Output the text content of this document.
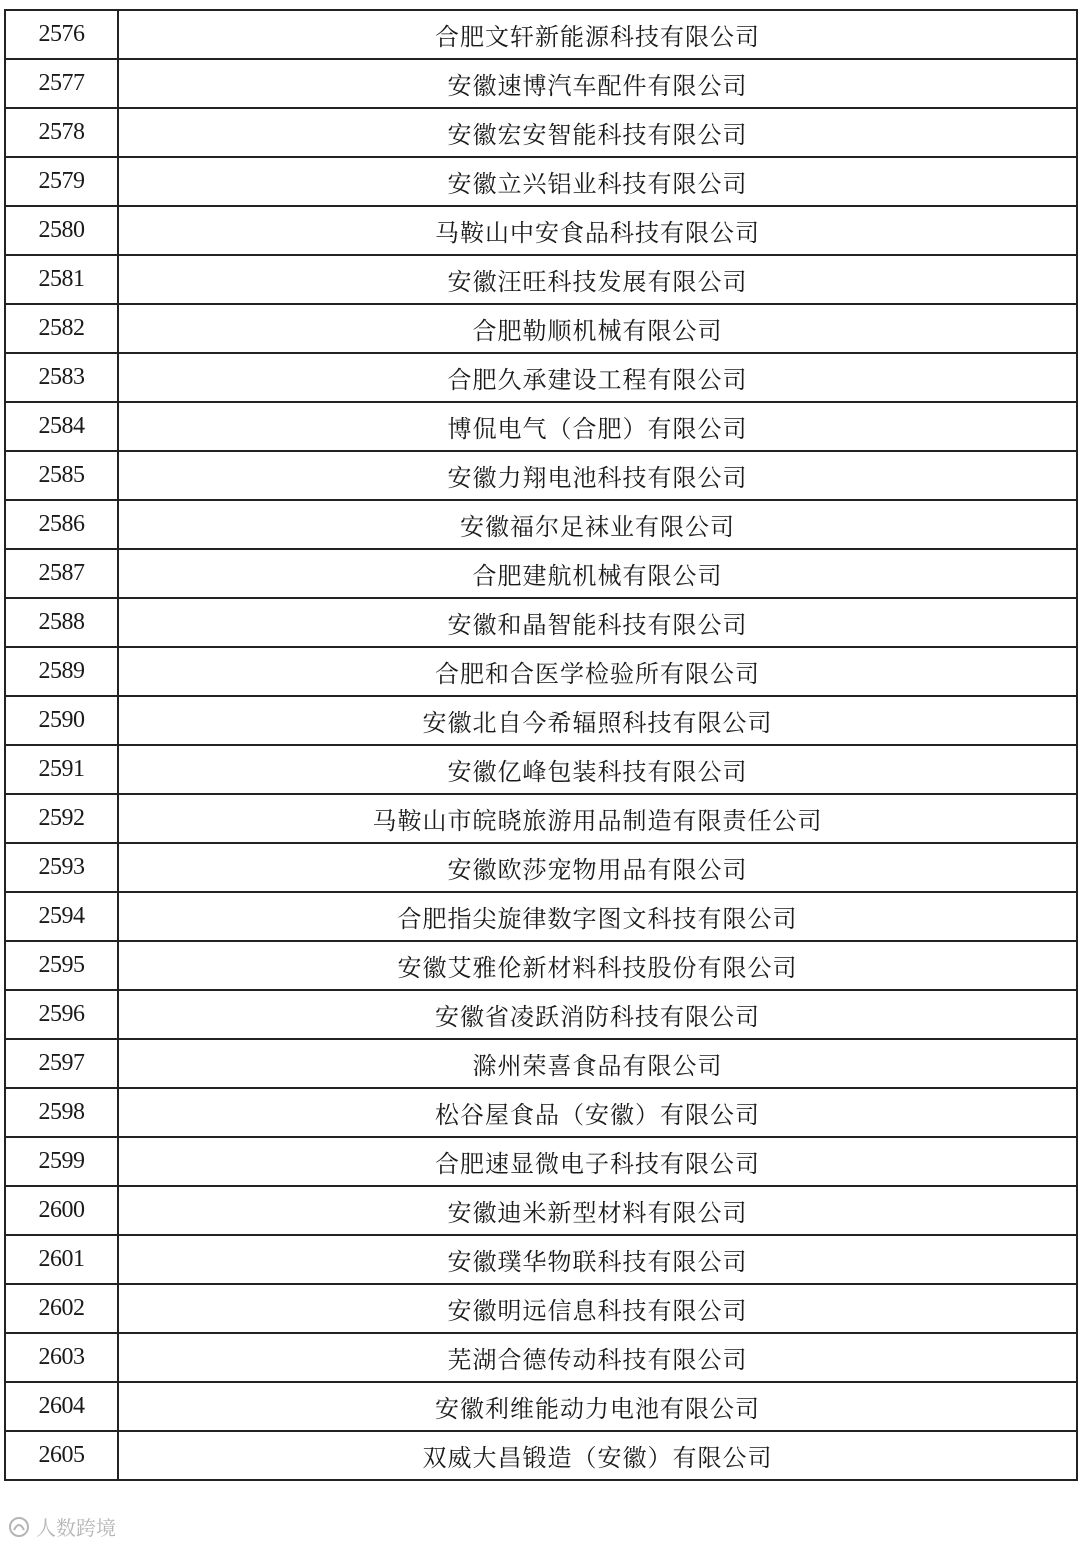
2576	合肥文轩新能源科技有限公司
2577	安徽速博汽车配件有限公司
2578	安徽宏安智能科技有限公司
2579	安徽立兴铝业科技有限公司
2580	马鞍山中安食品科技有限公司
2581	安徽汪旺科技发展有限公司
2582	合肥勒顺机械有限公司
2583	合肥久承建设工程有限公司
2584	博侃电气（合肥）有限公司
2585	安徽力翔电池科技有限公司
2586	安徽福尔足袜业有限公司
2587	合肥建航机械有限公司
2588	安徽和晶智能科技有限公司
2589	合肥和合医学检验所有限公司
2590	安徽北自今希辐照科技有限公司
2591	安徽亿峰包装科技有限公司
2592	马鞍山市皖晓旅游用品制造有限责任公司
2593	安徽欧莎宠物用品有限公司
2594	合肥指尖旋律数字图文科技有限公司
2595	安徽艾雅伦新材料科技股份有限公司
2596	安徽省凌跃消防科技有限公司
2597	滁州荣喜食品有限公司
2598	松谷屋食品（安徽）有限公司
2599	合肥速显微电子科技有限公司
2600	安徽迪米新型材料有限公司
2601	安徽璞华物联科技有限公司
2602	安徽明远信息科技有限公司
2603	芜湖合德传动科技有限公司
2604	安徽利维能动力电池有限公司
2605	双威大昌锻造（安徽）有限公司
人数跨境
